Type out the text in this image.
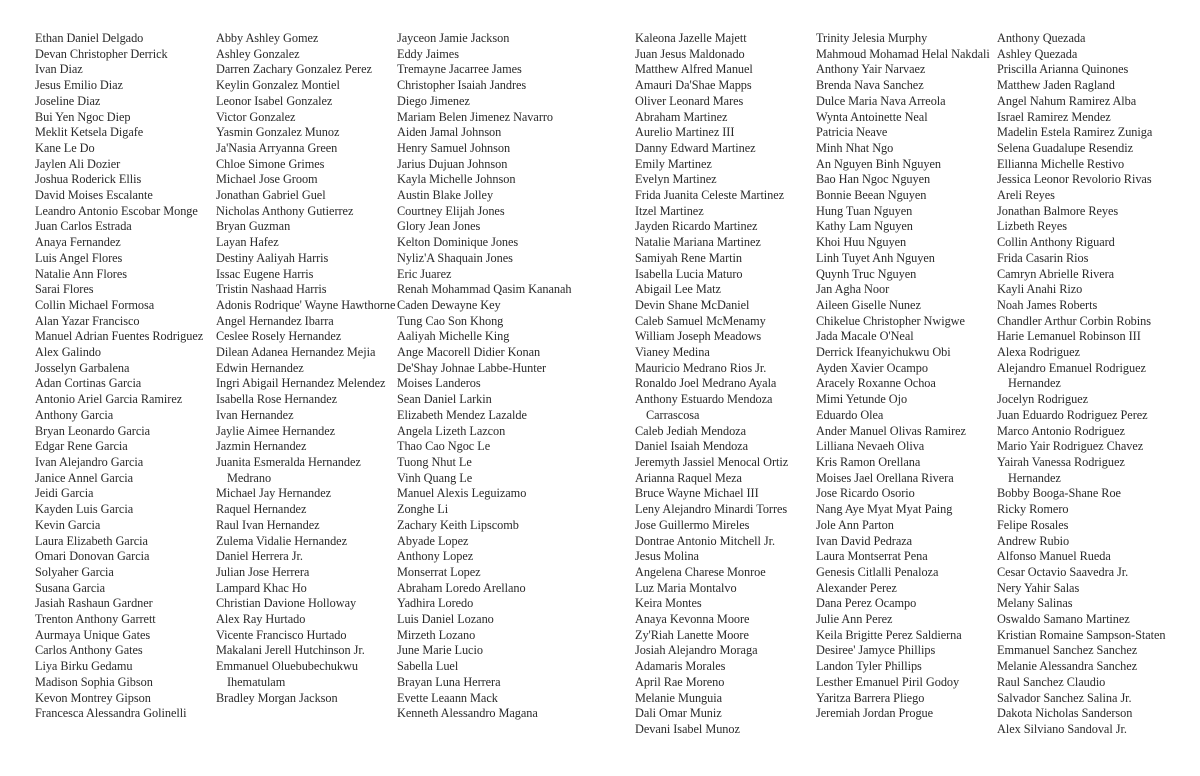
Ethan Daniel Delgado
Devan Christopher Derrick
Ivan Diaz
Jesus Emilio Diaz
Joseline Diaz
Bui Yen Ngoc Diep
Meklit Ketsela Digafe
Kane Le Do
Jaylen Ali Dozier
Joshua Roderick Ellis
David Moises Escalante
Leandro Antonio Escobar Monge
Juan Carlos Estrada
Anaya Fernandez
Luis Angel Flores
Natalie Ann Flores
Sarai Flores
Collin Michael Formosa
Alan Yazar Francisco
Manuel Adrian Fuentes Rodriguez
Alex Galindo
Josselyn Garbalena
Adan Cortinas Garcia
Antonio Ariel Garcia Ramirez
Anthony Garcia
Bryan Leonardo Garcia
Edgar Rene Garcia
Ivan Alejandro Garcia
Janice Annel Garcia
Jeidi Garcia
Kayden Luis Garcia
Kevin Garcia
Laura Elizabeth Garcia
Omari Donovan Garcia
Solyaher Garcia
Susana Garcia
Jasiah Rashaun Gardner
Trenton Anthony Garrett
Aurmaya Unique Gates
Carlos Anthony Gates
Liya Birku Gedamu
Madison Sophia Gibson
Kevon Montrey Gipson
Francesca Alessandra Golinelli
Abby Ashley Gomez
Ashley Gonzalez
Darren Zachary Gonzalez Perez
Keylin Gonzalez Montiel
Leonor Isabel Gonzalez
Victor Gonzalez
Yasmin Gonzalez Munoz
Ja'Nasia Arryanna Green
Chloe Simone Grimes
Michael Jose Groom
Jonathan Gabriel Guel
Nicholas Anthony Gutierrez
Bryan Guzman
Layan Hafez
Destiny Aaliyah Harris
Issac Eugene Harris
Tristin Nashaad Harris
Adonis Rodrique' Wayne Hawthorne
Angel Hernandez Ibarra
Ceslee Rosely Hernandez
Dilean Adanea Hernandez Mejia
Edwin Hernandez
Ingri Abigail Hernandez Melendez
Isabella Rose Hernandez
Ivan Hernandez
Jaylie Aimee Hernandez
Jazmin Hernandez
Juanita Esmeralda Hernandez Medrano
Michael Jay Hernandez
Raquel Hernandez
Raul Ivan Hernandez
Zulema Vidalie Hernandez
Daniel Herrera Jr.
Julian Jose Herrera
Lampard Khac Ho
Christian Davione Holloway
Alex Ray Hurtado
Vicente Francisco Hurtado
Makalani Jerell Hutchinson Jr.
Emmanuel Oluebubechukwu Ihematulam
Bradley Morgan Jackson
Jayceon Jamie Jackson
Eddy Jaimes
Tremayne Jacarree James
Christopher Isaiah Jandres
Diego Jimenez
Mariam Belen Jimenez Navarro
Aiden Jamal Johnson
Henry Samuel Johnson
Jarius Dujuan Johnson
Kayla Michelle Johnson
Austin Blake Jolley
Courtney Elijah Jones
Glory Jean Jones
Kelton Dominique Jones
Nyliz'A Shaquain Jones
Eric Juarez
Renah Mohammad Qasim Kananah
Caden Dewayne Key
Tung Cao Son Khong
Aaliyah Michelle King
Ange Macorell Didier Konan
De'Shay Johnae Labbe-Hunter
Moises Landeros
Sean Daniel Larkin
Elizabeth Mendez Lazalde
Angela Lizeth Lazcon
Thao Cao Ngoc Le
Tuong Nhut Le
Vinh Quang Le
Manuel Alexis Leguizamo
Zonghe Li
Zachary Keith Lipscomb
Abyade Lopez
Anthony Lopez
Monserrat Lopez
Abraham Loredo Arellano
Yadhira Loredo
Luis Daniel Lozano
Mirzeth Lozano
June Marie Lucio
Sabella Luel
Brayan Luna Herrera
Evette Leaann Mack
Kenneth Alessandro Magana
Kaleona Jazelle Majett
Juan Jesus Maldonado
Matthew Alfred Manuel
Amauri Da'Shae Mapps
Oliver Leonard Mares
Abraham Martinez
Aurelio Martinez III
Danny Edward Martinez
Emily Martinez
Evelyn Martinez
Frida Juanita Celeste Martinez
Itzel Martinez
Jayden Ricardo Martinez
Natalie Mariana Martinez
Samiyah Rene Martin
Isabella Lucia Maturo
Abigail Lee Matz
Devin Shane McDaniel
Caleb Samuel McMenamy
William Joseph Meadows
Vianey Medina
Mauricio Medrano Rios Jr.
Ronaldo Joel Medrano Ayala
Anthony Estuardo Mendoza Carrascosa
Caleb Jediah Mendoza
Daniel Isaiah Mendoza
Jeremyth Jassiel Menocal Ortiz
Arianna Raquel Meza
Bruce Wayne Michael III
Leny Alejandro Minardi Torres
Jose Guillermo Mireles
Dontrae Antonio Mitchell Jr.
Jesus Molina
Angelena Charese Monroe
Luz Maria Montalvo
Keira Montes
Anaya Kevonna Moore
Zy'Riah Lanette Moore
Josiah Alejandro Moraga
Adamaris Morales
April Rae Moreno
Melanie Munguia
Dali Omar Muniz
Devani Isabel Munoz
Trinity Jelesia Murphy
Mahmoud Mohamad Helal Nakdali
Anthony Yair Narvaez
Brenda Nava Sanchez
Dulce Maria Nava Arreola
Wynta Antoinette Neal
Patricia Neave
Minh Nhat Ngo
An Nguyen Binh Nguyen
Bao Han Ngoc Nguyen
Bonnie Beean Nguyen
Hung Tuan Nguyen
Kathy Lam Nguyen
Khoi Huu Nguyen
Linh Tuyet Anh Nguyen
Quynh Truc Nguyen
Jan Agha Noor
Aileen Giselle Nunez
Chikelue Christopher Nwigwe
Jada Macale O'Neal
Derrick Ifeanyichukwu Obi
Ayden Xavier Ocampo
Aracely Roxanne Ochoa
Mimi Yetunde Ojo
Eduardo Olea
Ander Manuel Olivas Ramirez
Lilliana Nevaeh Oliva
Kris Ramon Orellana
Moises Jael Orellana Rivera
Jose Ricardo Osorio
Nang Aye Myat Myat Paing
Jole Ann Parton
Ivan David Pedraza
Laura Montserrat Pena
Genesis Citlalli Penaloza
Alexander Perez
Dana Perez Ocampo
Julie Ann Perez
Keila Brigitte Perez Saldierna
Desiree' Jamyce Phillips
Landon Tyler Phillips
Lesther Emanuel Piril Godoy
Yaritza Barrera Pliego
Jeremiah Jordan Progue
Anthony Quezada
Ashley Quezada
Priscilla Arianna Quinones
Matthew Jaden Ragland
Angel Nahum Ramirez Alba
Israel Ramirez Mendez
Madelin Estela Ramirez Zuniga
Selena Guadalupe Resendiz
Ellianna Michelle Restivo
Jessica Leonor Revolorio Rivas
Areli Reyes
Jonathan Balmore Reyes
Lizbeth Reyes
Collin Anthony Riguard
Frida Casarin Rios
Camryn Abrielle Rivera
Kayli Anahi Rizo
Noah James Roberts
Chandler Arthur Corbin Robins
Harie Lemanuel Robinson III
Alexa Rodriguez
Alejandro Emanuel Rodriguez Hernandez
Jocelyn Rodriguez
Juan Eduardo Rodriguez Perez
Marco Antonio Rodriguez
Mario Yair Rodriguez Chavez
Yairah Vanessa Rodriguez Hernandez
Bobby Booga-Shane Roe
Ricky Romero
Felipe Rosales
Andrew Rubio
Alfonso Manuel Rueda
Cesar Octavio Saavedra Jr.
Nery Yahir Salas
Melany Salinas
Oswaldo Samano Martinez
Kristian Romaine Sampson-Staten
Emmanuel Sanchez Sanchez
Melanie Alessandra Sanchez
Raul Sanchez Claudio
Salvador Sanchez Salina Jr.
Dakota Nicholas Sanderson
Alex Silviano Sandoval Jr.
